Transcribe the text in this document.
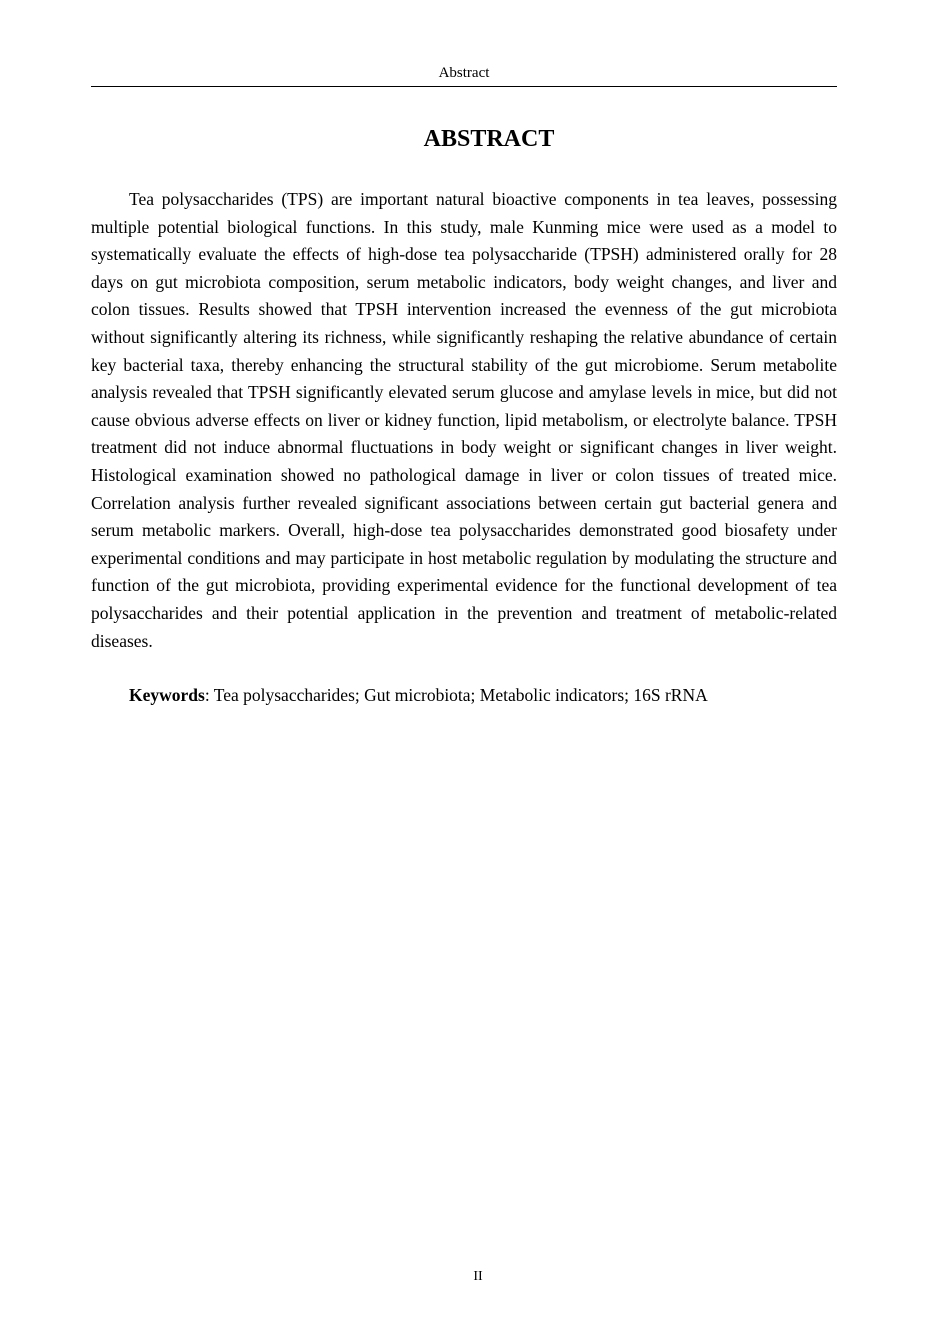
Abstract
ABSTRACT

Tea polysaccharides (TPS) are important natural bioactive components in tea leaves, possessing multiple potential biological functions. In this study, male Kunming mice were used as a model to systematically evaluate the effects of high-dose tea polysaccharide (TPSH) administered orally for 28 days on gut microbiota composition, serum metabolic indicators, body weight changes, and liver and colon tissues. Results showed that TPSH intervention increased the evenness of the gut microbiota without significantly altering its richness, while significantly reshaping the relative abundance of certain key bacterial taxa, thereby enhancing the structural stability of the gut microbiome. Serum metabolite analysis revealed that TPSH significantly elevated serum glucose and amylase levels in mice, but did not cause obvious adverse effects on liver or kidney function, lipid metabolism, or electrolyte balance. TPSH treatment did not induce abnormal fluctuations in body weight or significant changes in liver weight. Histological examination showed no pathological damage in liver or colon tissues of treated mice. Correlation analysis further revealed significant associations between certain gut bacterial genera and serum metabolic markers. Overall, high-dose tea polysaccharides demonstrated good biosafety under experimental conditions and may participate in host metabolic regulation by modulating the structure and function of the gut microbiota, providing experimental evidence for the functional development of tea polysaccharides and their potential application in the prevention and treatment of metabolic-related diseases.

Keywords: Tea polysaccharides; Gut microbiota; Metabolic indicators; 16S rRNA

II
